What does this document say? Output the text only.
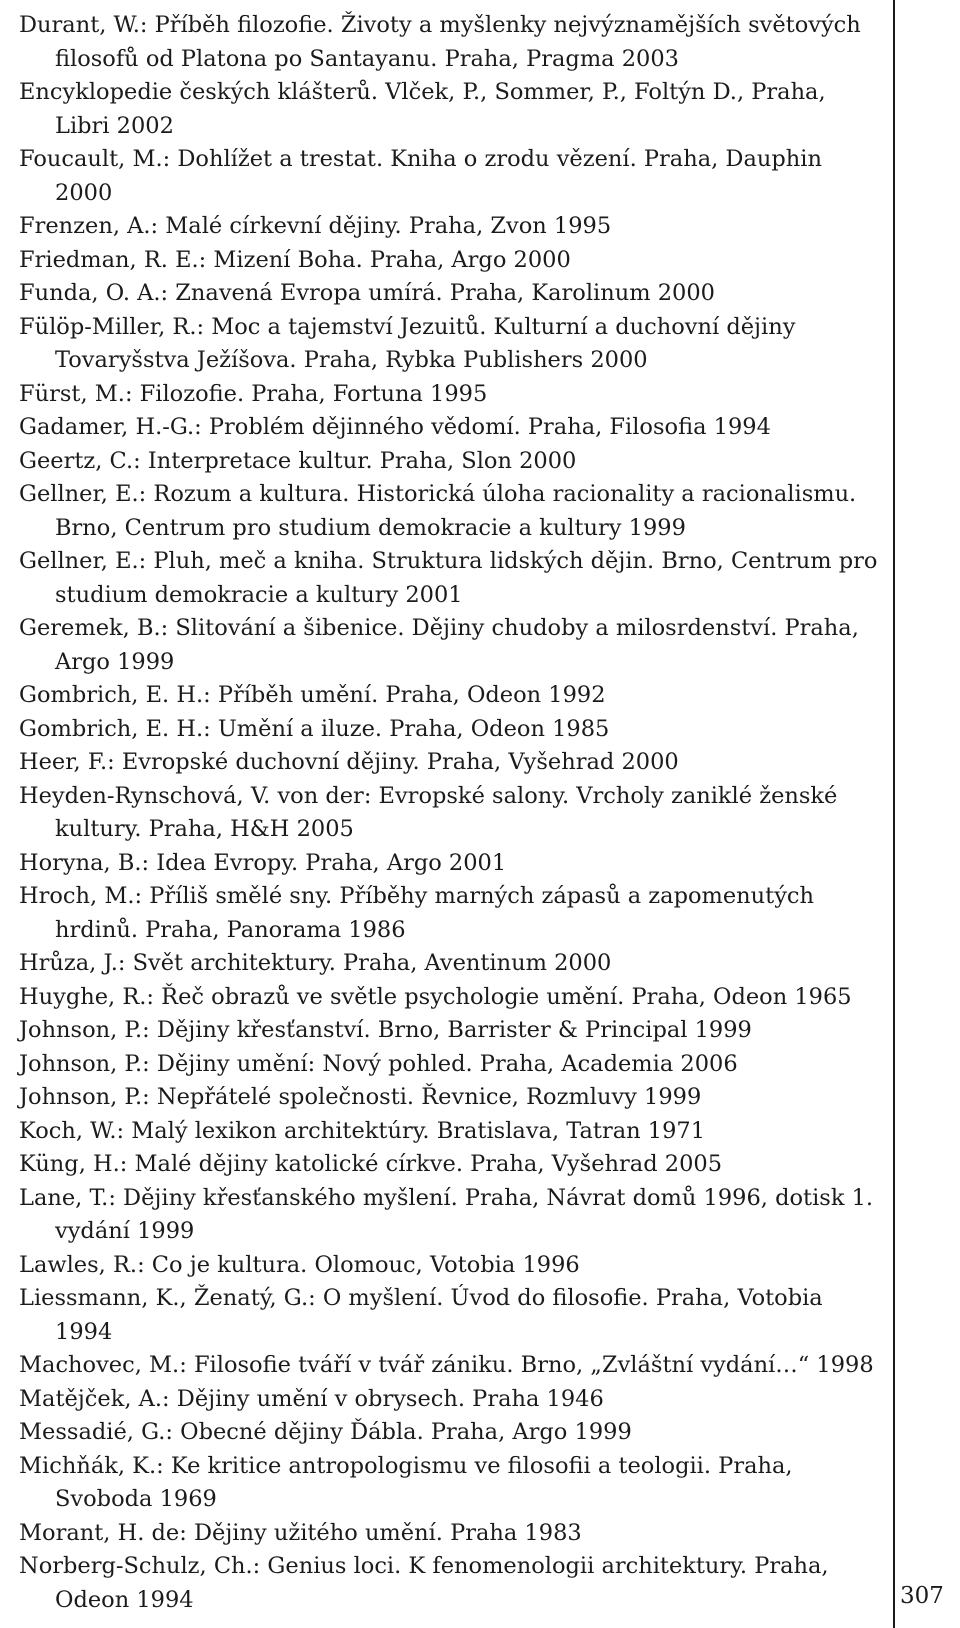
Durant, W.: Příběh filozofie. Životy a myšlenky nejvýznamějších světových filosofů od Platona po Santayanu. Praha, Pragma 2003
Encyklopedie českých klášterů. Vlček, P., Sommer, P., Foltýn D., Praha, Libri 2002
Foucault, M.: Dohlížet a trestat. Kniha o zrodu vězení. Praha, Dauphin 2000
Frenzen, A.: Malé církevní dějiny. Praha, Zvon 1995
Friedman, R. E.: Mizení Boha. Praha, Argo 2000
Funda, O. A.: Znavená Evropa umírá. Praha, Karolinum 2000
Fülöp-Miller, R.: Moc a tajemství Jezuitů. Kulturní a duchovní dějiny Tovaryšstva Ježíšova. Praha, Rybka Publishers 2000
Fürst, M.: Filozofie. Praha, Fortuna 1995
Gadamer, H.-G.: Problém dějinného vědomí. Praha, Filosofia 1994
Geertz, C.: Interpretace kultur. Praha, Slon 2000
Gellner, E.: Rozum a kultura. Historická úloha racionality a racionalismu. Brno, Centrum pro studium demokracie a kultury 1999
Gellner, E.: Pluh, meč a kniha. Struktura lidských dějin. Brno, Centrum pro studium demokracie a kultury 2001
Geremek, B.: Slitování a šibenice. Dějiny chudoby a milosrdenství. Praha, Argo 1999
Gombrich, E. H.: Příběh umění. Praha, Odeon 1992
Gombrich, E. H.: Umění a iluze. Praha, Odeon 1985
Heer, F.: Evropské duchovní dějiny. Praha, Vyšehrad 2000
Heyden-Rynschová, V. von der: Evropské salony. Vrcholy zaniklé ženské kultury. Praha, H&H 2005
Horyna, B.: Idea Evropy. Praha, Argo 2001
Hroch, M.: Příliš smělé sny. Příběhy marných zápasů a zapomenutých hrdinů. Praha, Panorama 1986
Hrůza, J.: Svět architektury. Praha, Aventinum 2000
Huyghe, R.: Řeč obrazů ve světle psychologie umění. Praha, Odeon 1965
Johnson, P.: Dějiny křesťanství. Brno, Barrister & Principal 1999
Johnson, P.: Dějiny umění: Nový pohled. Praha, Academia 2006
Johnson, P.: Nepřátelé společnosti. Řevnice, Rozmluvy 1999
Koch, W.: Malý lexikon architektúry. Bratislava, Tatran 1971
Küng, H.: Malé dějiny katolické církve. Praha, Vyšehrad 2005
Lane, T.: Dějiny křesťanského myšlení. Praha, Návrat domů 1996, dotisk 1. vydání 1999
Lawles, R.: Co je kultura. Olomouc, Votobia 1996
Liessmann, K., Ženatý, G.: O myšlení. Úvod do filosofie. Praha, Votobia 1994
Machovec, M.: Filosofie tváří v tvář zániku. Brno, „Zvláštní vydání…“ 1998
Matějček, A.: Dějiny umění v obrysech. Praha 1946
Messadié, G.: Obecné dějiny Ďábla. Praha, Argo 1999
Michňák, K.: Ke kritice antropologismu ve filosofii a teologii. Praha, Svoboda 1969
Morant, H. de: Dějiny užitého umění. Praha 1983
Norberg-Schulz, Ch.: Genius loci. K fenomenologii architektury. Praha, Odeon 1994	307
